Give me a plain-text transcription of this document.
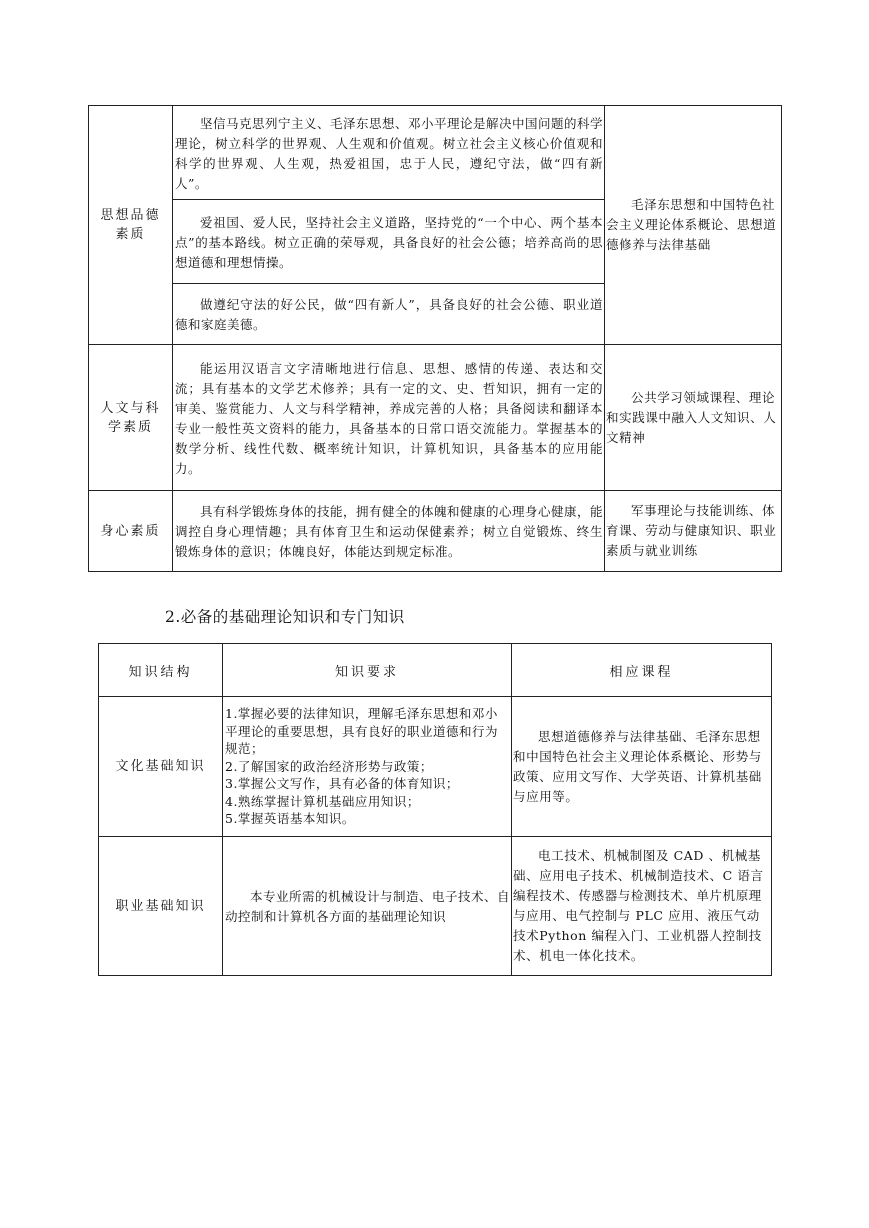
思想品德素质	坚信马克思列宁主义、毛泽东思想、邓小平理论是解决中国问题的科学理论，树立科学的世界观、人生观和价值观。树立社会主义核心价值观和科学的世界观、人生观，热爱祖国，忠于人民，遵纪守法，做“四有新人”。	毛泽东思想和中国特色社会主义理论体系概论、思想道德修养与法律基础
	爱祖国、爱人民，坚持社会主义道路，坚持党的“一个中心、两个基本点”的基本路线。树立正确的荣辱观，具备良好的社会公德；培养高尚的思想道德和理想情操。	
	做遵纪守法的好公民，做“四有新人”，具备良好的社会公德、职业道德和家庭美德。	
人文与科学素质	能运用汉语言文字清晰地进行信息、思想、感情的传递、表达和交 流；具有基本的文学艺术修养；具有一定的文、史、哲知识，拥有一定的审美、鉴赏能力、人文与科学精神，养成完善的人格；具备阅读和翻译本专业一般性英文资料的能力，具备基本的日常口语交流能力。掌握基本的数学分析、线性代数、概率统计知识，计算机知识，具备基本的应用能力。	公共学习领域课程、理论和实践课中融入人文知识、人文精神
身心素质	具有科学锻炼身体的技能，拥有健全的体魄和健康的心理身心健康，能调控自身心理情趣；具有体育卫生和运动保健素养；树立自觉锻炼、终生锻炼身体的意识；体魄良好，体能达到规定标准。	军事理论与技能训练、体育课、劳动与健康知识、职业素质与就业训练
2.必备的基础理论知识和专门知识
知识结构	知识要求	相应课程
文化基础知识	1.掌握必要的法律知识，理解毛泽东思想和邓小平理论的重要思想，具有良好的职业道德和行为规范；
2.了解国家的政治经济形势与政策；
3.掌握公文写作，具有必备的体育知识；
4.熟练掌握计算机基础应用知识；
5.掌握英语基本知识。	思想道德修养与法律基础、毛泽东思想和中国特色社会主义理论体系概论、形势与政策、应用文写作、大学英语、计算机基础与应用等。
职业基础知识	本专业所需的机械设计与制造、电子技术、自动控制和计算机各方面的基础理论知识	电工技术、机械制图及 CAD 、机械基础、应用电子技术、机械制造技术、C 语言编程技术、传感器与检测技术、单片机原理与应用、电气控制与 PLC 应用、液压气动技术Python 编程入门、工业机器人控制技术、机电一体化技术。
